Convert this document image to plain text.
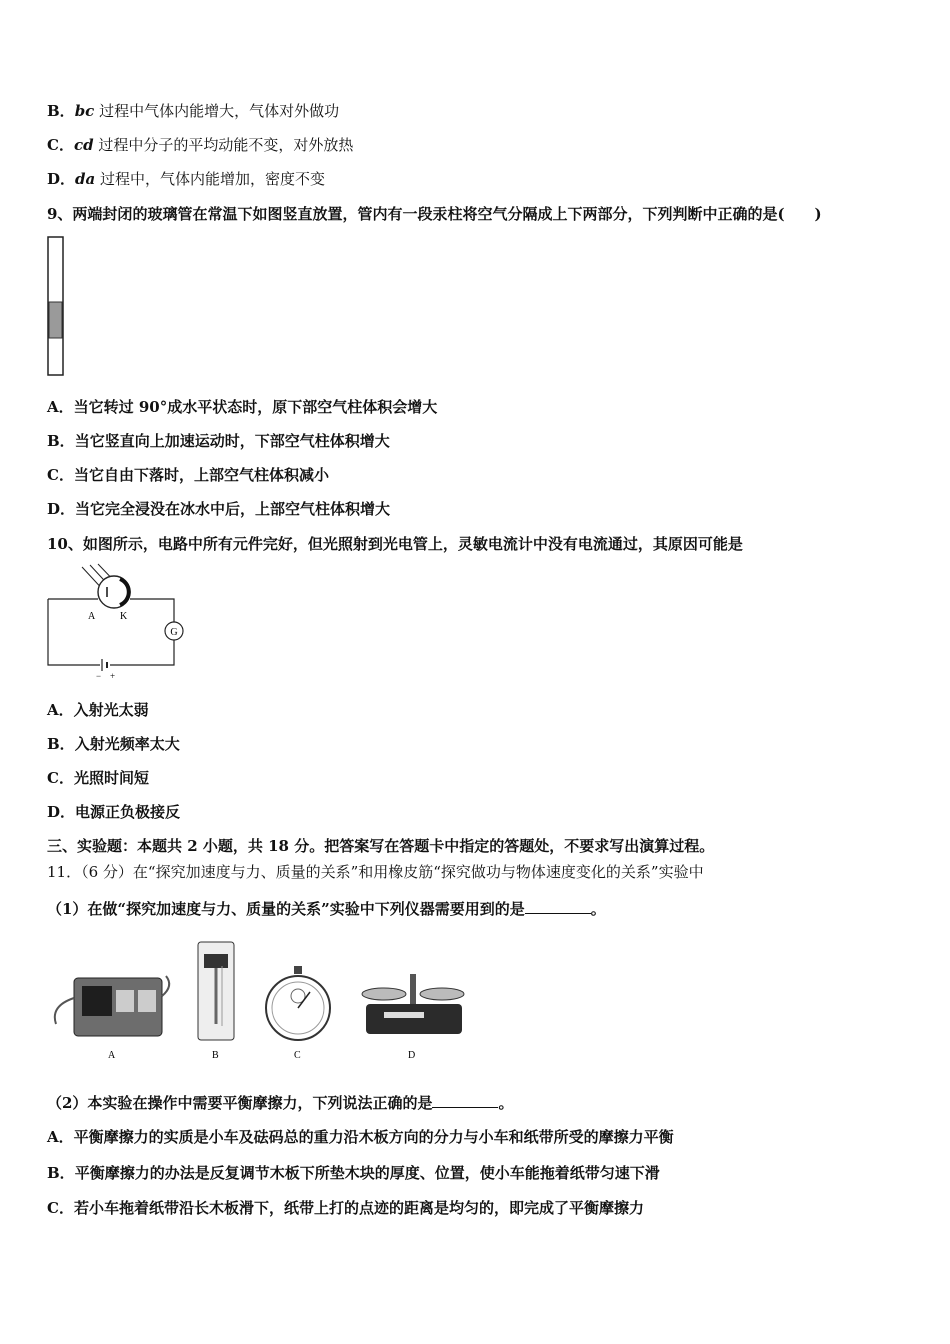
B．bc 过程中气体内能增大，气体对外做功
C．cd 过程中分子的平均动能不变，对外放热
D．da 过程中，气体内能增加，密度不变
9、两端封闭的玻璃管在常温下如图竖直放置，管内有一段汞柱将空气分隔成上下两部分，下列判断中正确的是(　　)
A．当它转过 90°成水平状态时，原下部空气柱体积会增大
B．当它竖直向上加速运动时，下部空气柱体积增大
C．当它自由下落时，上部空气柱体积减小
D．当它完全浸没在冰水中后，上部空气柱体积增大
10、如图所示，电路中所有元件完好，但光照射到光电管上，灵敏电流计中没有电流通过，其原因可能是
G
A K
− +
A．入射光太弱
B．入射光频率太大
C．光照时间短
D．电源正负极接反
三、实验题：本题共 2 小题，共 18 分。把答案写在答题卡中指定的答题处，不要求写出演算过程。
11．（6 分）在“探究加速度与力、质量的关系”和用橡皮筋“探究做功与物体速度变化的关系”实验中
（1）在做“探究加速度与力、质量的关系”实验中下列仪器需要用到的是	。
A	B	C	D
（2）本实验在操作中需要平衡摩擦力，下列说法正确的是	。
A．平衡摩擦力的实质是小车及砝码总的重力沿木板方向的分力与小车和纸带所受的摩擦力平衡
B．平衡摩擦力的办法是反复调节木板下所垫木块的厚度、位置，使小车能拖着纸带匀速下滑
C．若小车拖着纸带沿长木板滑下，纸带上打的点迹的距离是均匀的，即完成了平衡摩擦力
